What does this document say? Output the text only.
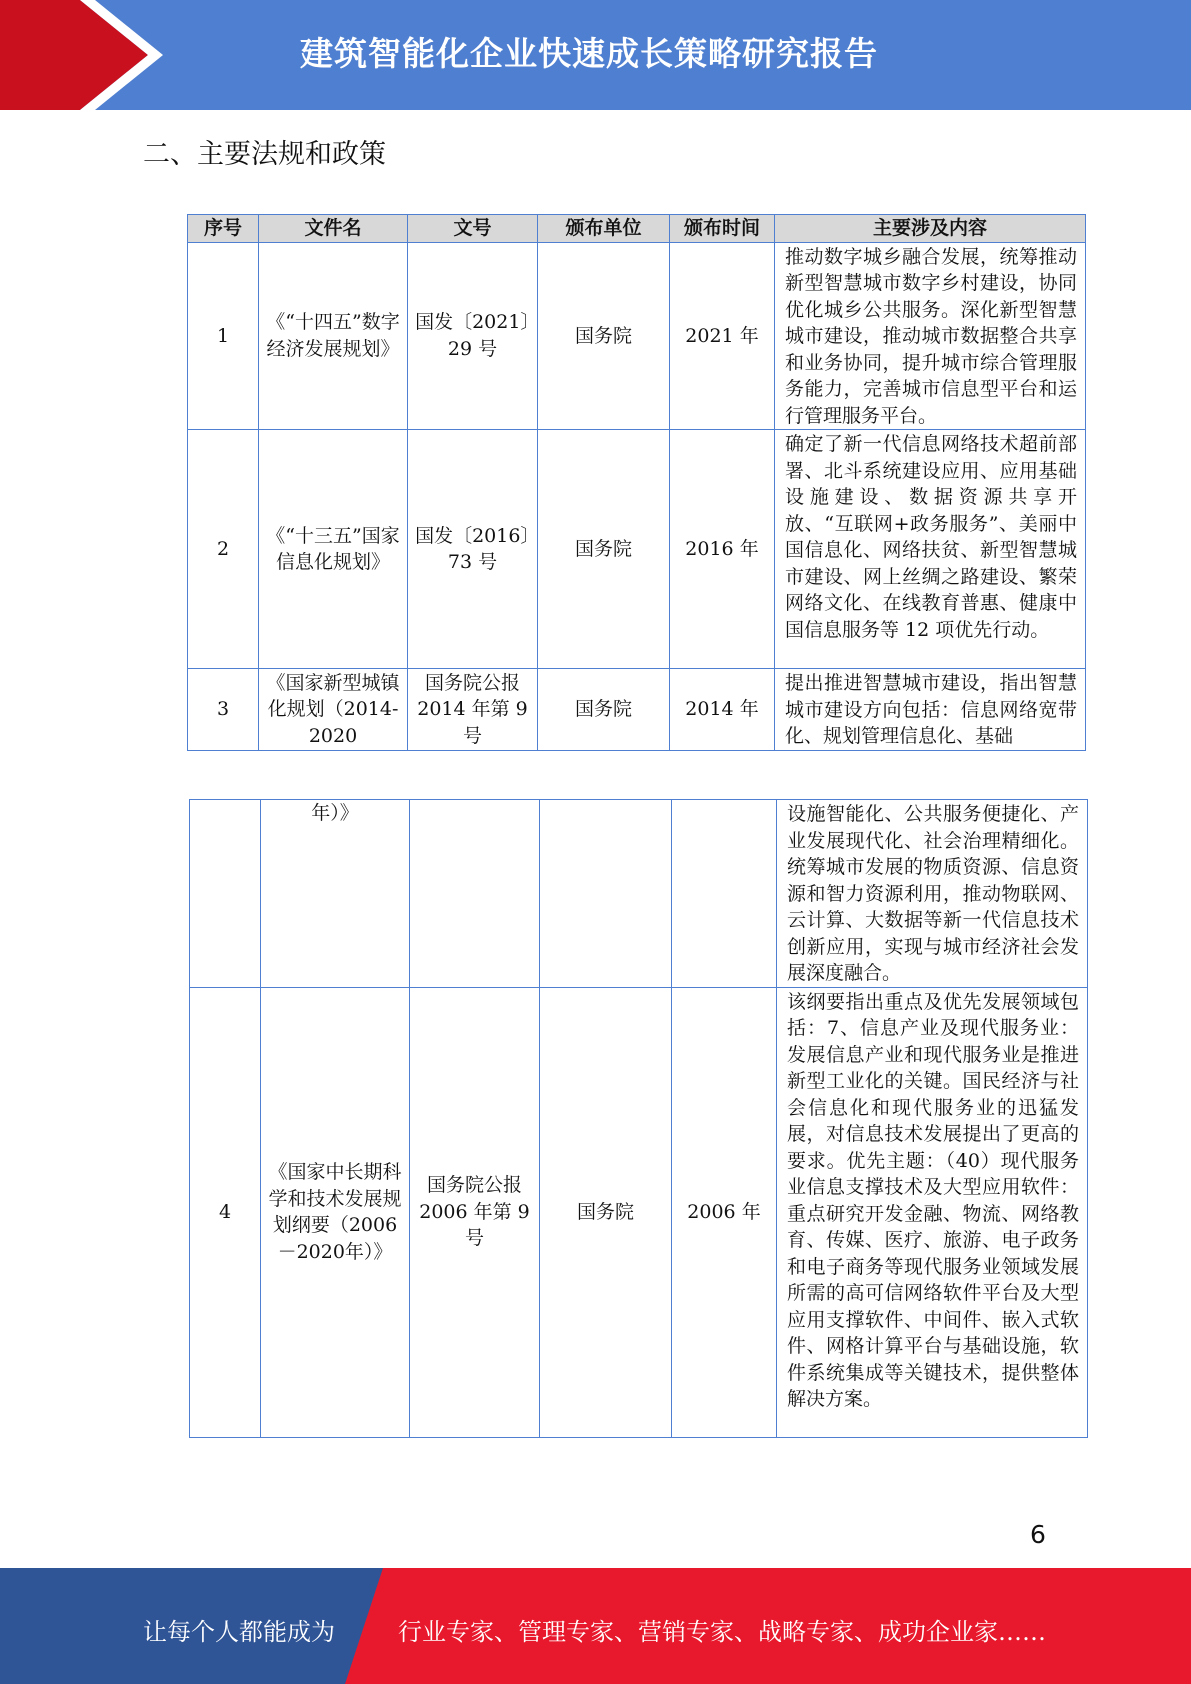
建筑智能化企业快速成长策略研究报告
二、主要法规和政策
序号	文件名	文号	颁布单位	颁布时间	主要涉及内容
1	《“十四五”数字经济发展规划》	国发〔2021〕29 号	国务院	2021 年	推动数字城乡融合发展，统筹推动新型智慧城市数字乡村建设，协同优化城乡公共服务。深化新型智慧城市建设，推动城市数据整合共享和业务协同，提升城市综合管理服务能力，完善城市信息型平台和运行管理服务平台。
2	《“十三五”国家信息化规划》	国发〔2016〕73 号	国务院	2016 年	确定了新一代信息网络技术超前部署、北斗系统建设应用、应用基础设施建设、数据资源共享开放、“互联网+政务服务”、美丽中国信息化、网络扶贫、新型智慧城市建设、网上丝绸之路建设、繁荣网络文化、在线教育普惠、健康中国信息服务等 12 项优先行动。
3	《国家新型城镇化规划（2014-2020	国务院公报 2014 年第 9 号	国务院	2014 年	提出推进智慧城市建设，指出智慧城市建设方向包括：信息网络宽带化、规划管理信息化、基础
	年）》				设施智能化、公共服务便捷化、产业发展现代化、社会治理精细化。统筹城市发展的物质资源、信息资源和智力资源利用，推动物联网、云计算、大数据等新一代信息技术创新应用，实现与城市经济社会发展深度融合。
4	《国家中长期科学和技术发展规划纲要（2006－2020年）》	国务院公报 2006 年第 9 号	国务院	2006 年	该纲要指出重点及优先发展领域包括：7、信息产业及现代服务业：发展信息产业和现代服务业是推进新型工业化的关键。国民经济与社会信息化和现代服务业的迅猛发展，对信息技术发展提出了更高的要求。优先主题：（40）现代服务业信息支撑技术及大型应用软件：重点研究开发金融、物流、网络教育、传媒、医疗、旅游、电子政务和电子商务等现代服务业领域发展所需的高可信网络软件平台及大型应用支撑软件、中间件、嵌入式软件、网格计算平台与基础设施，软件系统集成等关键技术，提供整体解决方案。
6
让每个人都能成为	行业专家、管理专家、营销专家、战略专家、成功企业家……
